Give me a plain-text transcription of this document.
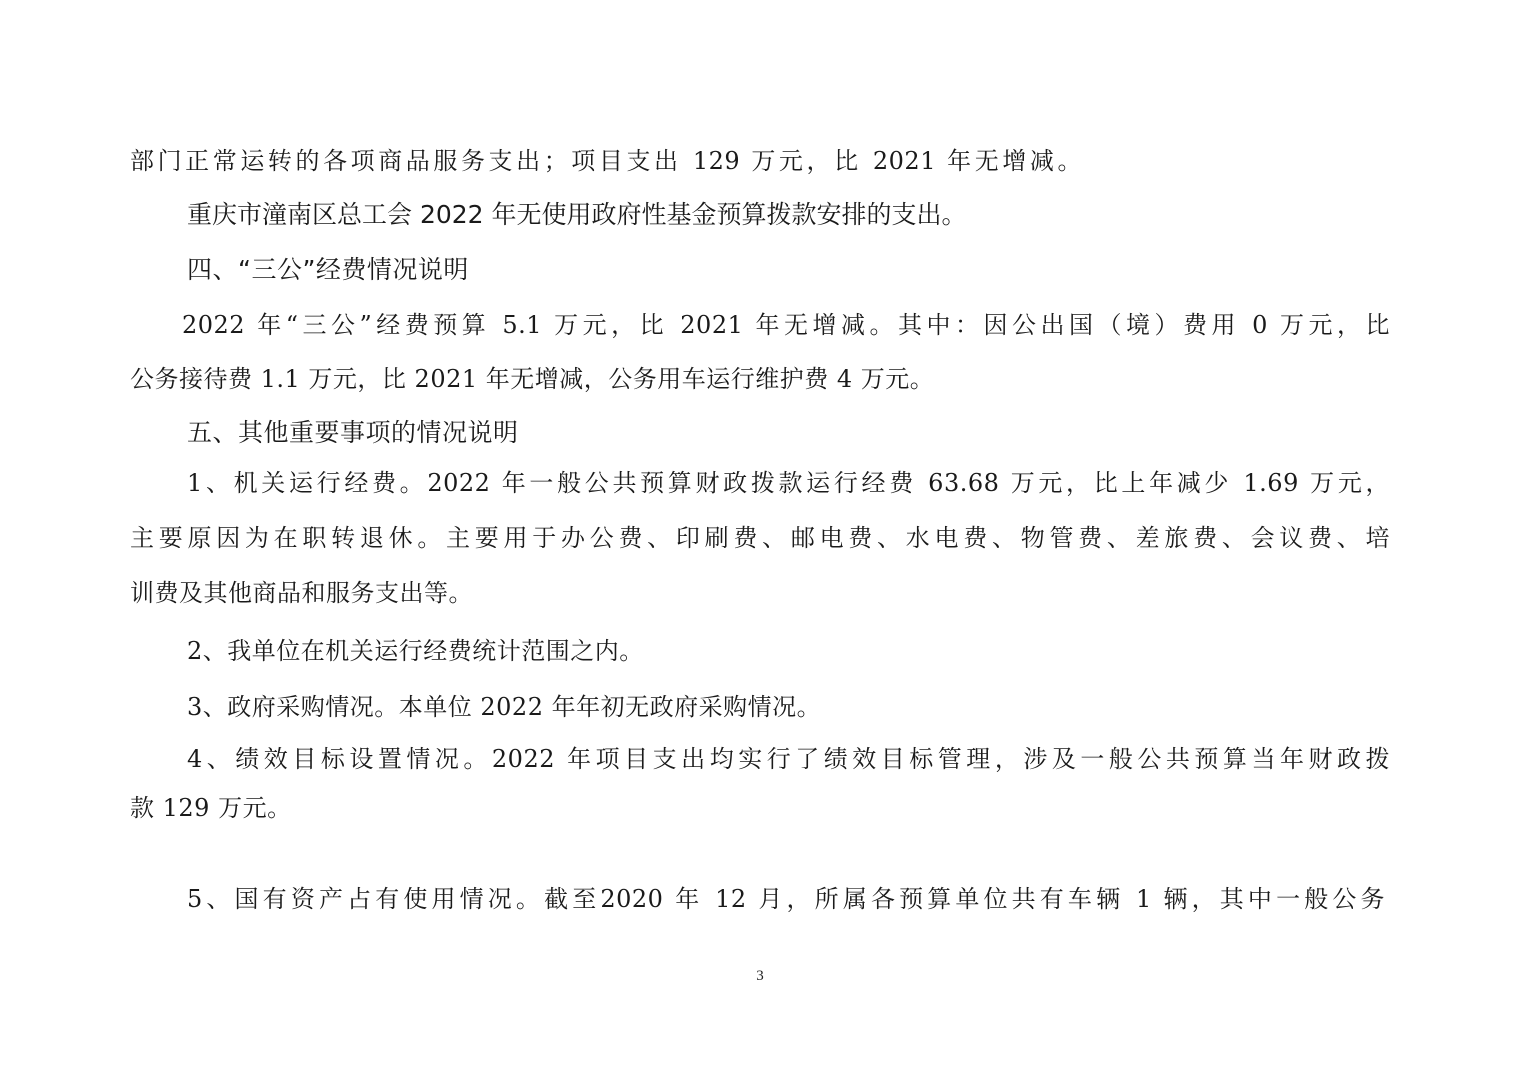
部门正常运转的各项商品服务支出；项目支出 129 万元，比 2021 年无增减。
重庆市潼南区总工会 2022 年无使用政府性基金预算拨款安排的支出。
四、“三公”经费情况说明
2022 年“三公”经费预算 5.1 万元，比 2021 年无增减。其中：因公出国（境）费用 0 万元，比
公务接待费 1.1 万元，比 2021 年无增减，公务用车运行维护费 4 万元。
五、其他重要事项的情况说明
1、机关运行经费。2022 年一般公共预算财政拨款运行经费 63.68 万元，比上年减少 1.69 万元，
主要原因为在职转退休。主要用于办公费、印刷费、邮电费、水电费、物管费、差旅费、会议费、培
训费及其他商品和服务支出等。
2、我单位在机关运行经费统计范围之内。
3、政府采购情况。本单位 2022 年年初无政府采购情况。
4、绩效目标设置情况。2022 年项目支出均实行了绩效目标管理，涉及一般公共预算当年财政拨
款 129 万元。
5、国有资产占有使用情况。截至2020 年 12 月，所属各预算单位共有车辆 1 辆，其中一般公务
3
